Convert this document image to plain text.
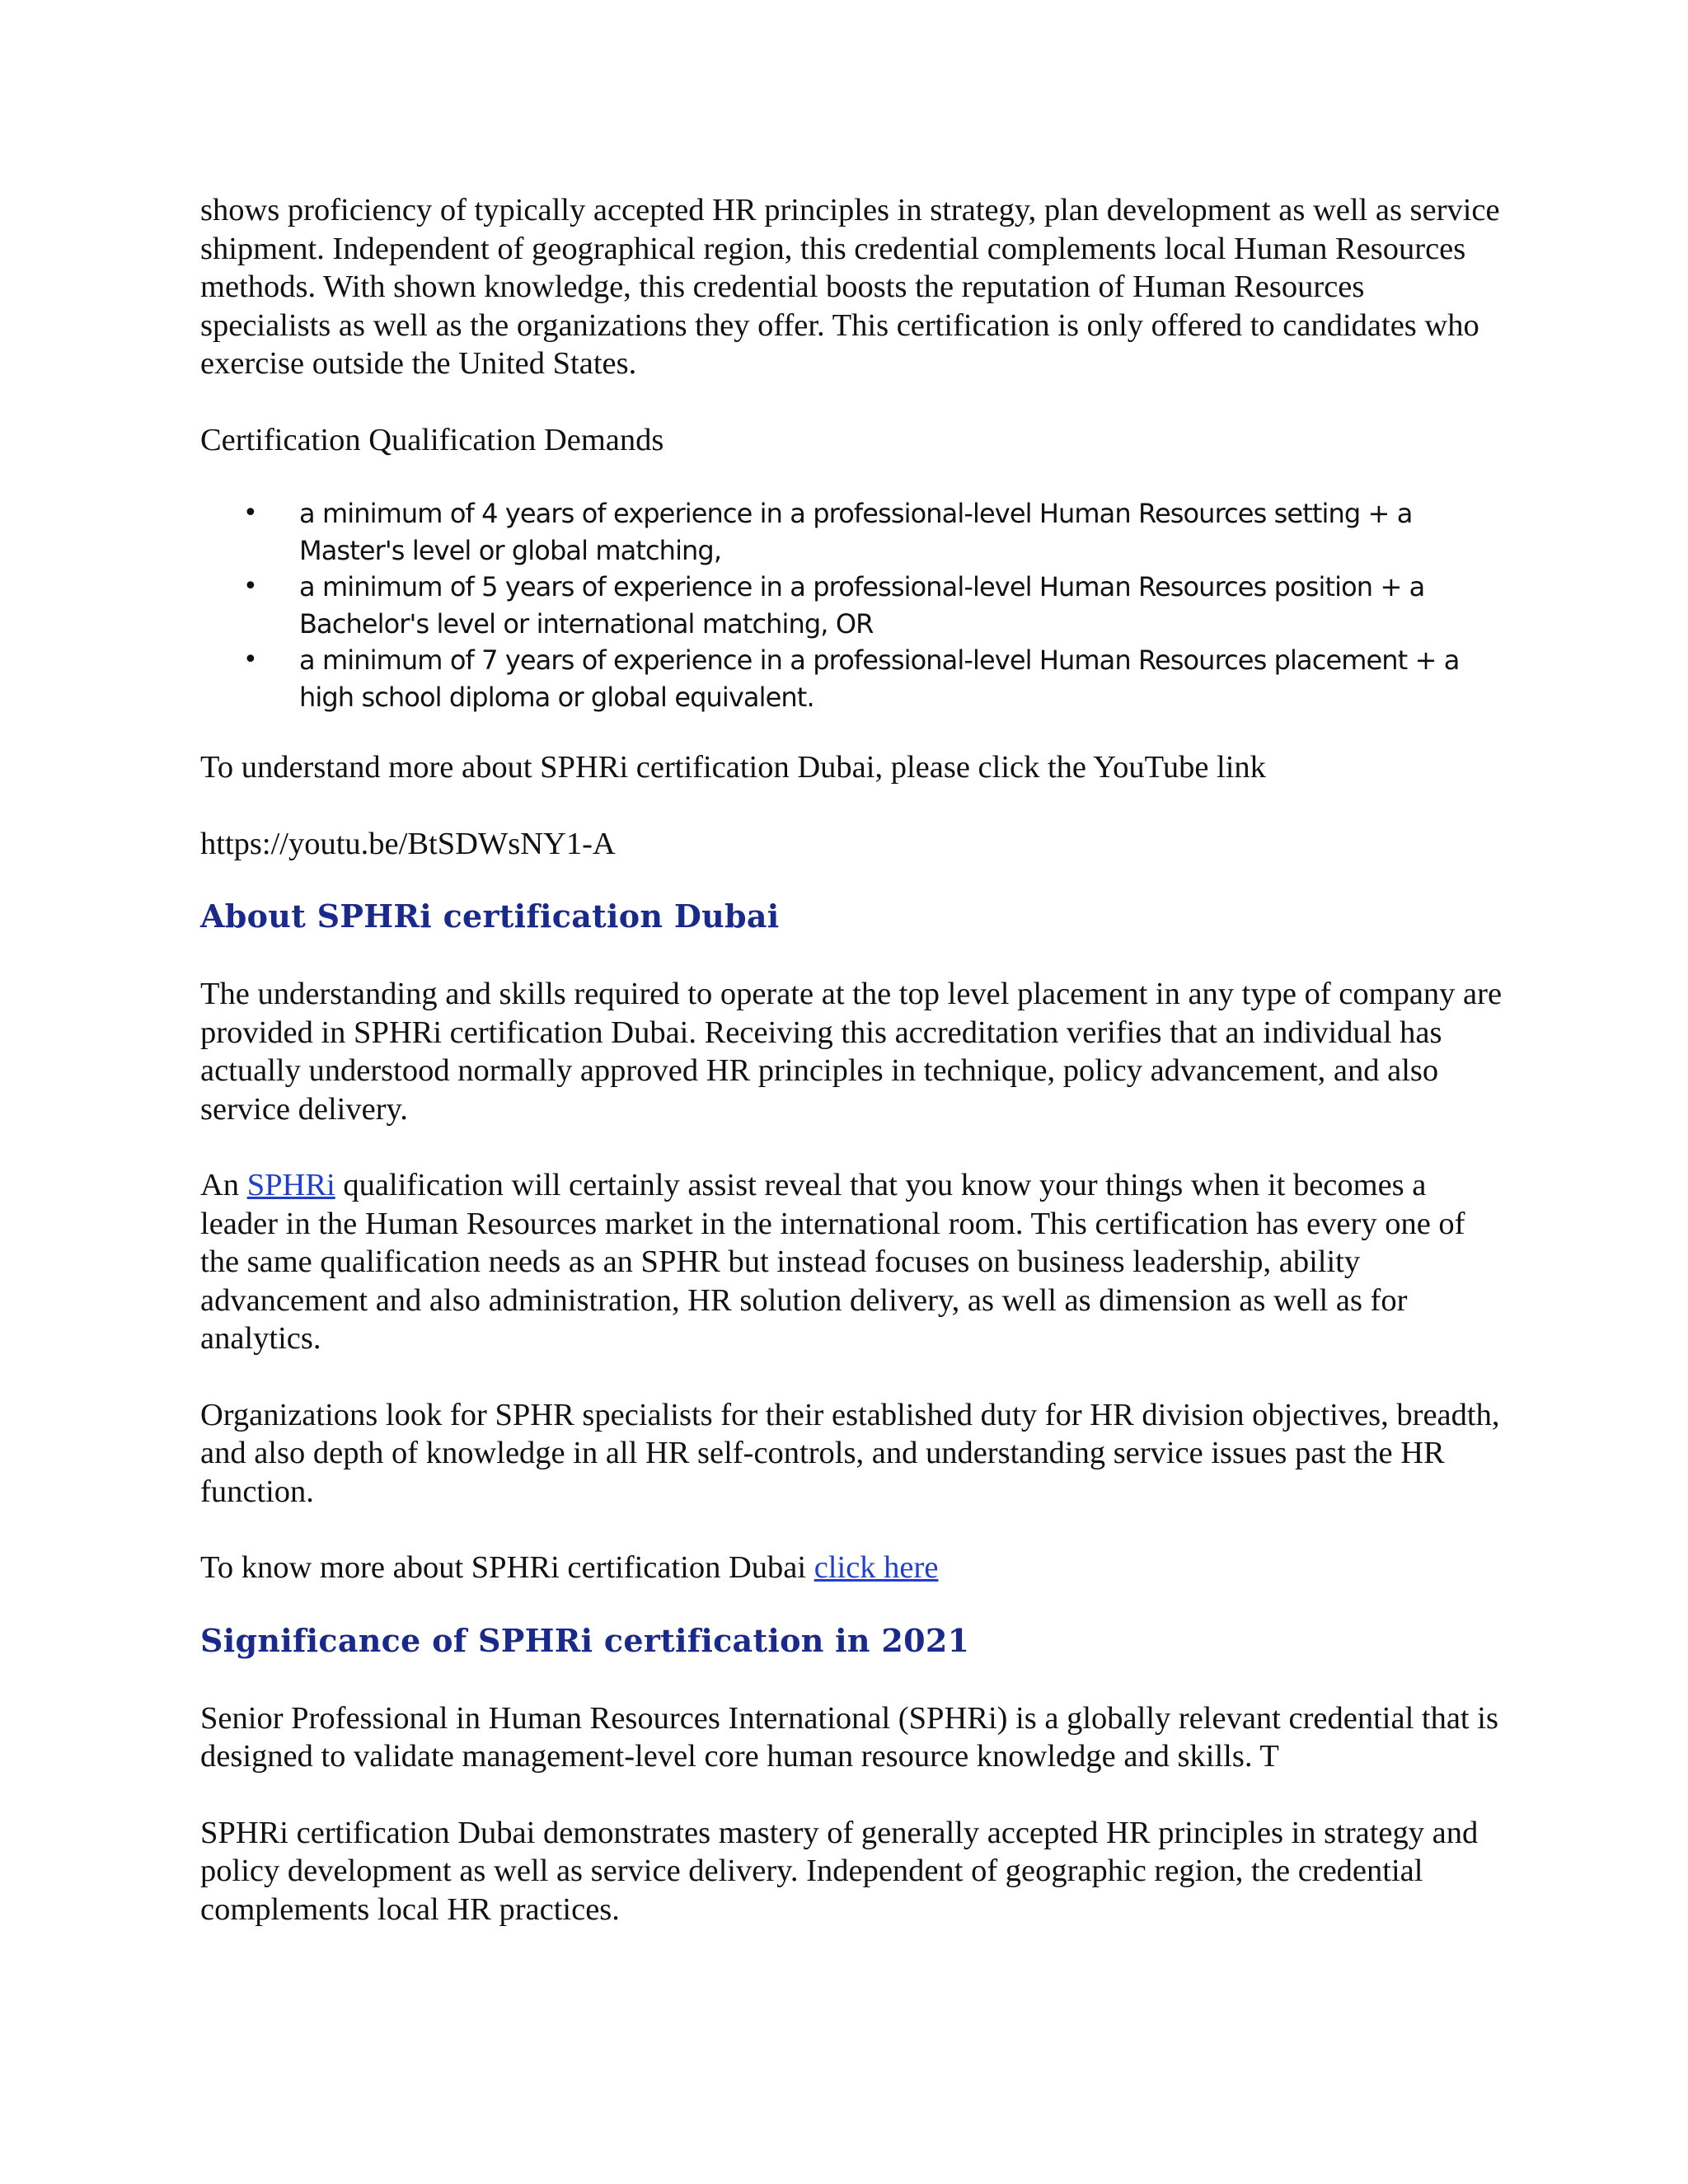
shows proficiency of typically accepted HR principles in strategy, plan development as well as service shipment. Independent of geographical region, this credential complements local Human Resources methods. With shown knowledge, this credential boosts the reputation of Human Resources specialists as well as the organizations they offer. This certification is only offered to candidates who exercise outside the United States.

Certification Qualification Demands

• a minimum of 4 years of experience in a professional-level Human Resources setting + a Master's level or global matching,
• a minimum of 5 years of experience in a professional-level Human Resources position + a Bachelor's level or international matching, OR
• a minimum of 7 years of experience in a professional-level Human Resources placement + a high school diploma or global equivalent.

To understand more about SPHRi certification Dubai, please click the YouTube link

https://youtu.be/BtSDWsNY1-A

About SPHRi certification Dubai

The understanding and skills required to operate at the top level placement in any type of company are provided in SPHRi certification Dubai. Receiving this accreditation verifies that an individual has actually understood normally approved HR principles in technique, policy advancement, and also service delivery.

An SPHRi qualification will certainly assist reveal that you know your things when it becomes a leader in the Human Resources market in the international room. This certification has every one of the same qualification needs as an SPHR but instead focuses on business leadership, ability advancement and also administration, HR solution delivery, as well as dimension as well as for analytics.

Organizations look for SPHR specialists for their established duty for HR division objectives, breadth, and also depth of knowledge in all HR self-controls, and understanding service issues past the HR function.

To know more about SPHRi certification Dubai click here

Significance of SPHRi certification in 2021

Senior Professional in Human Resources International (SPHRi) is a globally relevant credential that is designed to validate management-level core human resource knowledge and skills. T

SPHRi certification Dubai demonstrates mastery of generally accepted HR principles in strategy and policy development as well as service delivery. Independent of geographic region, the credential complements local HR practices.
